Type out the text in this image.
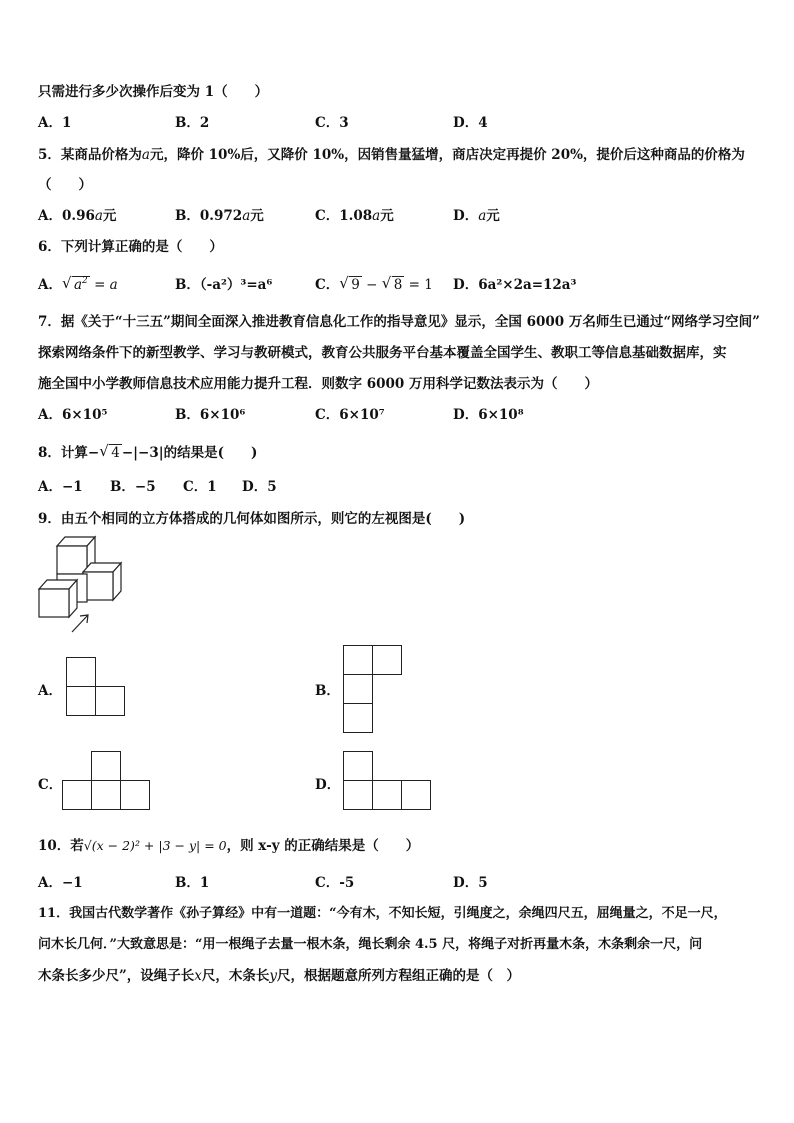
只需进行多少次操作后变为 1（　　）
A．1	B．2	C．3	D．4
5．某商品价格为a元，降价 10%后，又降价 10%，因销售量猛增，商店决定再提价 20%，提价后这种商品的价格为
（　　）
A．0.96a元	B．0.972a元	C．1.08a元	D．a元
6．下列计算正确的是（　　）
A． √ $a^2 = a$	B．（-a²）³=a⁶	C． √ 9 − √ 8 = 1 D．6a²×2a=12a³
7．据《关于“十三五”期间全面深入推进教育信息化工作的指导意见》显示，全国 6000 万名师生已通过“网络学习空间”
探索网络条件下的新型教学、学习与教研模式，教育公共服务平台基本覆盖全国学生、教职工等信息基础数据库，实
施全国中小学教师信息技术应用能力提升工程．则数字 6000 万用科学记数法表示为（　　）
A．6×10⁵	B．6×10⁶	C．6×10⁷	D．6×10⁸
8．计算− √ 4 −|−3|的结果是(　　)
A．−1 B．−5 C．1 D．5
9．由五个相同的立方体搭成的几何体如图所示，则它的左视图是(　　)
A．	B．
C．	D．
10．若√(x − 2)² + |3 − y| = 0，则 x-y 的正确结果是（　　）
A．−1	B．1	C．-5	D．5
11．我国古代数学著作《孙子算经》中有一道题：“今有木，不知长短，引绳度之，余绳四尺五，屈绳量之，不足一尺，
问木长几何．”大致意思是：“用一根绳子去量一根木条，绳长剩余 4.5 尺，将绳子对折再量木条，木条剩余一尺，问
木条长多少尺”，设绳子长x尺，木条长y尺，根据题意所列方程组正确的是（　）
